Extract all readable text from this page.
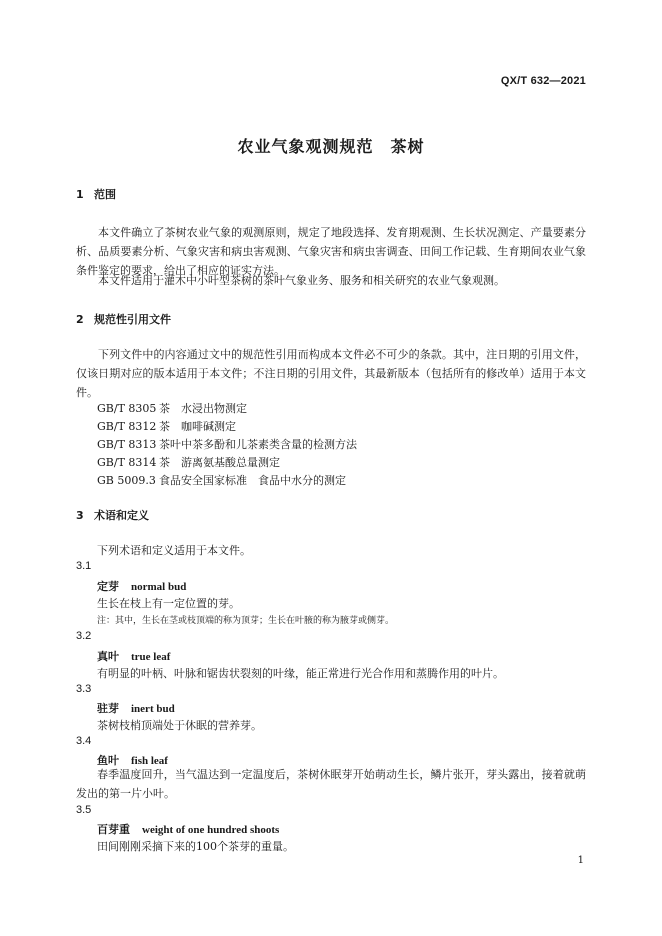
QX/T 632—2021
农业气象观测规范　茶树
1 范围
本文件确立了茶树农业气象的观测原则，规定了地段选择、发育期观测、生长状况测定、产量要素分析、品质要素分析、气象灾害和病虫害观测、气象灾害和病虫害调查、田间工作记载、生育期间农业气象条件鉴定的要求，给出了相应的证实方法。
本文件适用于灌木中小叶型茶树的茶叶气象业务、服务和相关研究的农业气象观测。
2 规范性引用文件
下列文件中的内容通过文中的规范性引用而构成本文件必不可少的条款。其中，注日期的引用文件，仅该日期对应的版本适用于本文件；不注日期的引用文件，其最新版本（包括所有的修改单）适用于本文件。
GB/T 8305 茶　水浸出物测定
GB/T 8312 茶　咖啡碱测定
GB/T 8313 茶叶中茶多酚和儿茶素类含量的检测方法
GB/T 8314 茶　游离氨基酸总量测定
GB 5009.3 食品安全国家标准　食品中水分的测定
3 术语和定义
下列术语和定义适用于本文件。
3.1
定芽 normal bud
生长在枝上有一定位置的芽。
注：其中，生长在茎或枝顶端的称为顶芽；生长在叶腋的称为腋芽或侧芽。
3.2
真叶 true leaf
有明显的叶柄、叶脉和锯齿状裂刻的叶缘，能正常进行光合作用和蒸腾作用的叶片。
3.3
驻芽 inert bud
茶树枝梢顶端处于休眠的营养芽。
3.4
鱼叶 fish leaf
春季温度回升，当气温达到一定温度后，茶树休眠芽开始萌动生长，鳞片张开，芽头露出，接着就萌发出的第一片小叶。
3.5
百芽重 weight of one hundred shoots
田间刚刚采摘下来的100个茶芽的重量。
1
